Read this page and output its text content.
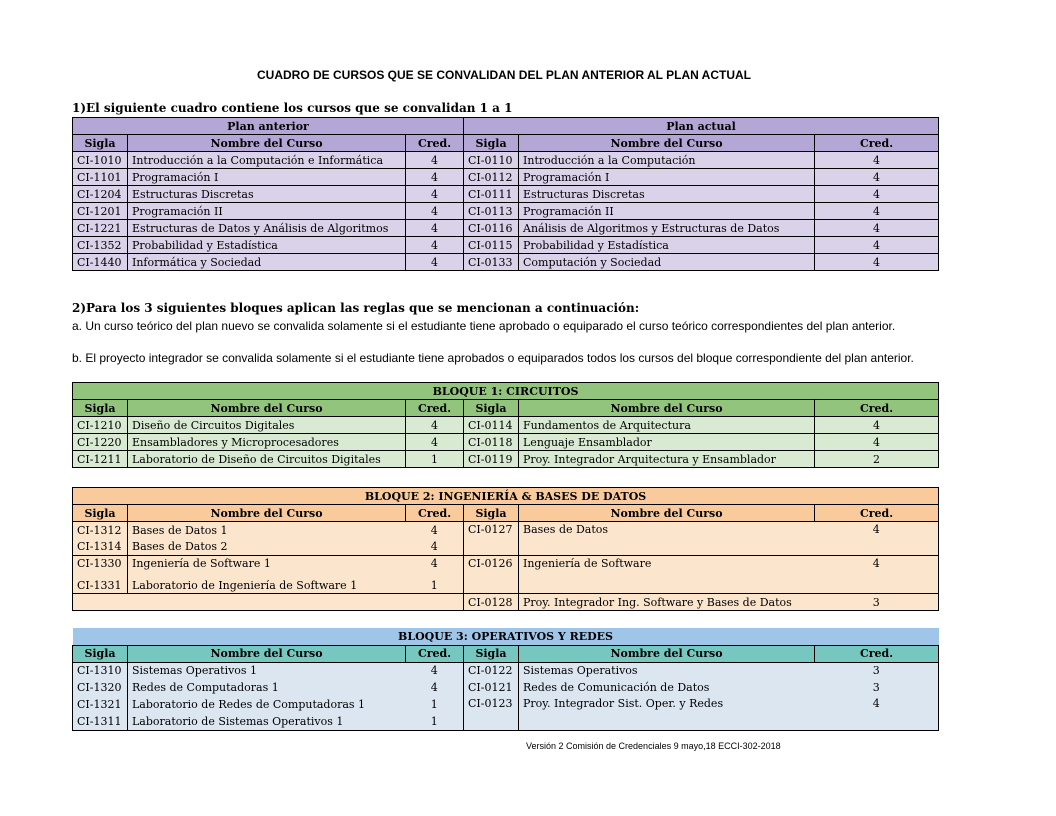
CUADRO DE CURSOS QUE SE CONVALIDAN DEL PLAN ANTERIOR AL PLAN ACTUAL
1)El siguiente cuadro contiene los cursos que se convalidan 1 a 1
Plan anterior			Plan actual		
Sigla	Nombre del Curso	Cred.	Sigla	Nombre del Curso	Cred.
CI-1010	Introducción a la Computación e Informática	4	CI-0110	Introducción a la Computación	4
CI-1101	Programación I	4	CI-0112	Programación I	4
CI-1204	Estructuras Discretas	4	CI-0111	Estructuras Discretas	4
CI-1201	Programación II	4	CI-0113	Programación II	4
CI-1221	Estructuras de Datos y Análisis de Algoritmos	4	CI-0116	Análisis de Algoritmos y Estructuras de Datos	4
CI-1352	Probabilidad y Estadística	4	CI-0115	Probabilidad y Estadística	4
CI-1440	Informática y Sociedad	4	CI-0133	Computación y Sociedad	4
2)Para los 3 siguientes bloques aplican las reglas que se mencionan a continuación:
a. Un curso teórico del plan nuevo se convalida solamente si el estudiante tiene aprobado o equiparado el curso teórico correspondientes del plan anterior.
b. El proyecto integrador se convalida solamente si el estudiante tiene aprobados o equiparados todos los cursos del bloque correspondiente del plan anterior.
BLOQUE 1: CIRCUITOS					
Sigla	Nombre del Curso	Cred.	Sigla	Nombre del Curso	Cred.
CI-1210	Diseño de Circuitos Digitales	4	CI-0114	Fundamentos de Arquitectura	4
CI-1220	Ensambladores y Microprocesadores	4	CI-0118	Lenguaje Ensamblador	4
CI-1211	Laboratorio de Diseño de Circuitos Digitales	1	CI-0119	Proy. Integrador Arquitectura y Ensamblador	2
BLOQUE 2: INGENIERÍA & BASES DE DATOS					
Sigla	Nombre del Curso	Cred.	Sigla	Nombre del Curso	Cred.
CI-1312	Bases de Datos 1	4	CI-0127	Bases de Datos	4
CI-1314	Bases de Datos 2	4			
CI-1330	Ingeniería de Software 1	4	CI-0126	Ingeniería de Software	4
CI-1331	Laboratorio de Ingeniería de Software 1	1			
			CI-0128	Proy. Integrador Ing. Software y Bases de Datos	3
BLOQUE 3: OPERATIVOS Y REDES					
Sigla	Nombre del Curso	Cred.	Sigla	Nombre del Curso	Cred.
CI-1310	Sistemas Operativos 1	4	CI-0122	Sistemas Operativos	3
CI-1320	Redes de Computadoras 1	4	CI-0121	Redes de Comunicación de Datos	3
CI-1321	Laboratorio de Redes de Computadoras 1	1	CI-0123	Proy. Integrador Sist. Oper. y Redes	4
CI-1311	Laboratorio de Sistemas Operativos 1	1			
Versión 2 Comisión de Credenciales 9 mayo,18 ECCI-302-2018
